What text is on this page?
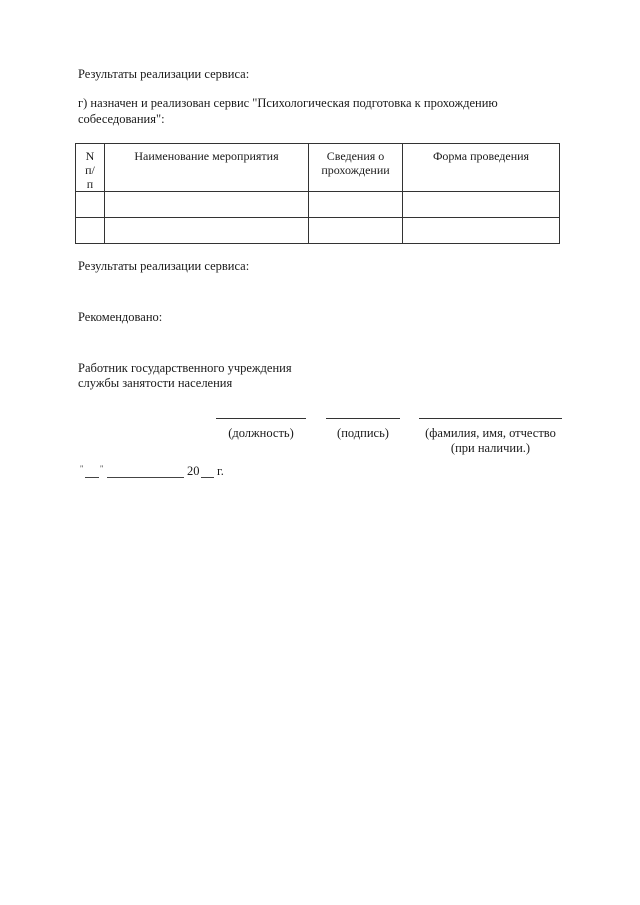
Результаты реализации сервиса:

г) назначен и реализован сервис "Психологическая подготовка к прохождению
собеседования":

N п/п	Наименование мероприятия	Сведения о прохождении	Форма проведения

Результаты реализации сервиса:

Рекомендовано:

Работник государственного учреждения
службы занятости населения

(должность)	(подпись)	(фамилия, имя, отчество
(при наличии.)
" "	20 г.
